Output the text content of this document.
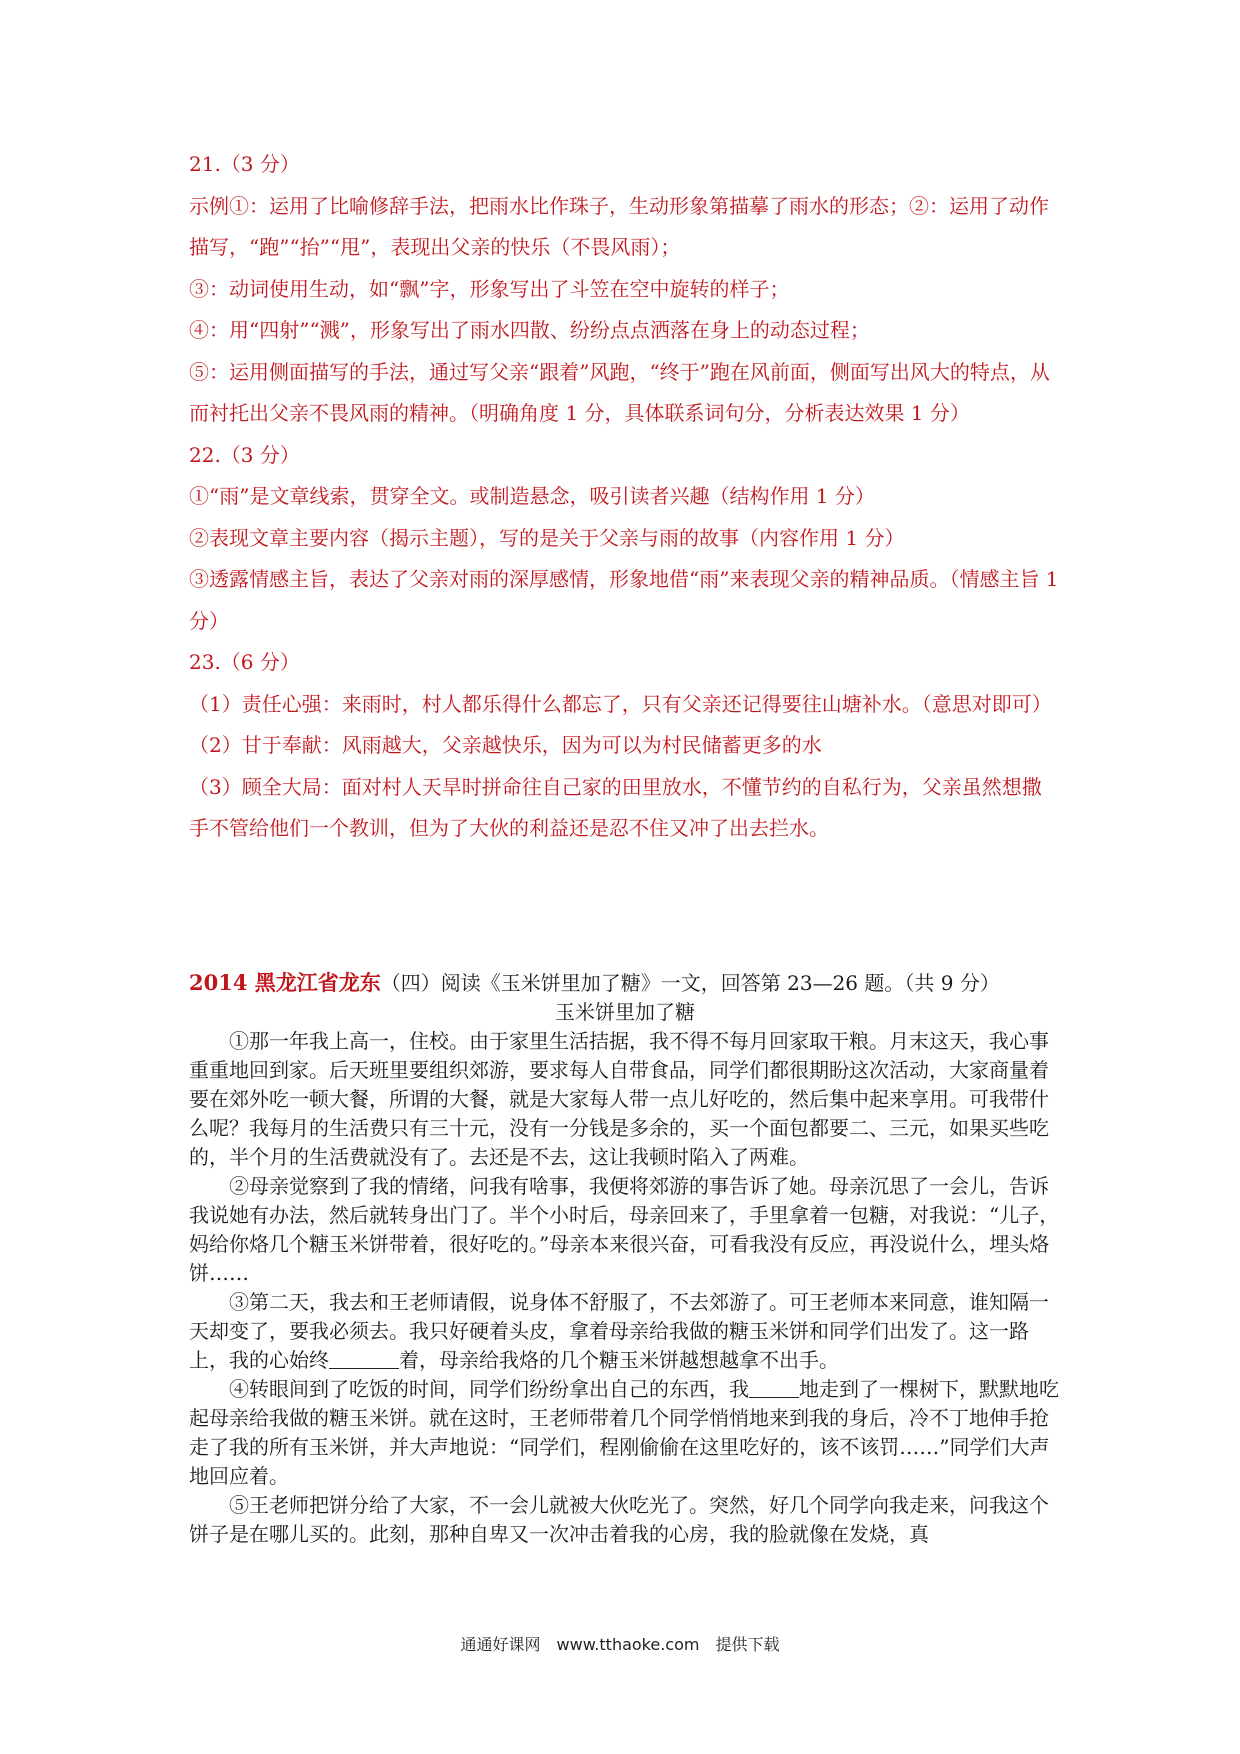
21.（3 分）

示例①：运用了比喻修辞手法，把雨水比作珠子，生动形象第描摹了雨水的形态；②：运用了动作描写，“跑”“抬”“甩”，表现出父亲的快乐（不畏风雨）；

③：动词使用生动，如“飘”字，形象写出了斗笠在空中旋转的样子；

④：用“四射”“溅”，形象写出了雨水四散、纷纷点点洒落在身上的动态过程；

⑤：运用侧面描写的手法，通过写父亲“跟着”风跑，“终于”跑在风前面，侧面写出风大的特点，从而衬托出父亲不畏风雨的精神。（明确角度 1 分，具体联系词句分，分析表达效果 1 分）

22.（3 分）

①“雨”是文章线索，贯穿全文。或制造悬念，吸引读者兴趣（结构作用 1 分）

②表现文章主要内容（揭示主题），写的是关于父亲与雨的故事（内容作用 1 分）

③透露情感主旨，表达了父亲对雨的深厚感情，形象地借“雨”来表现父亲的精神品质。（情感主旨 1 分）

23.（6 分）

（1）责任心强：来雨时，村人都乐得什么都忘了，只有父亲还记得要往山塘补水。（意思对即可）

（2）甘于奉献：风雨越大，父亲越快乐，因为可以为村民储蓄更多的水

（3）顾全大局：面对村人天旱时拼命往自己家的田里放水，不懂节约的自私行为，父亲虽然想撒手不管给他们一个教训，但为了大伙的利益还是忍不住又冲了出去拦水。

2014 黑龙江省龙东（四）阅读《玉米饼里加了糖》一文，回答第 23—26 题。（共 9 分）

玉米饼里加了糖

①那一年我上高一，住校。由于家里生活拮据，我不得不每月回家取干粮。月末这天，我心事重重地回到家。后天班里要组织郊游，要求每人自带食品，同学们都很期盼这次活动，大家商量着要在郊外吃一顿大餐，所谓的大餐，就是大家每人带一点儿好吃的，然后集中起来享用。可我带什么呢？我每月的生活费只有三十元，没有一分钱是多余的，买一个面包都要二、三元，如果买些吃的，半个月的生活费就没有了。去还是不去，这让我顿时陷入了两难。

②母亲觉察到了我的情绪，问我有啥事，我便将郊游的事告诉了她。母亲沉思了一会儿，告诉我说她有办法，然后就转身出门了。半个小时后，母亲回来了，手里拿着一包糖，对我说：“儿子，妈给你烙几个糖玉米饼带着，很好吃的。”母亲本来很兴奋，可看我没有反应，再没说什么，埋头烙饼……

③第二天，我去和王老师请假，说身体不舒服了，不去郊游了。可王老师本来同意，谁知隔一天却变了，要我必须去。我只好硬着头皮，拿着母亲给我做的糖玉米饼和同学们出发了。这一路上，我的心始终	着，母亲给我烙的几个糖玉米饼越想越拿不出手。

④转眼间到了吃饭的时间，同学们纷纷拿出自己的东西，我	地走到了一棵树下，默默地吃起母亲给我做的糖玉米饼。就在这时，王老师带着几个同学悄悄地来到我的身后，冷不丁地伸手抢走了我的所有玉米饼，并大声地说：“同学们，程刚偷偷在这里吃好的，该不该罚……”同学们大声地回应着。

⑤王老师把饼分给了大家，不一会儿就被大伙吃光了。突然，好几个同学向我走来，问我这个饼子是在哪儿买的。此刻，那种自卑又一次冲击着我的心房，我的脸就像在发烧，真

通通好课网　www.tthaoke.com　提供下载
